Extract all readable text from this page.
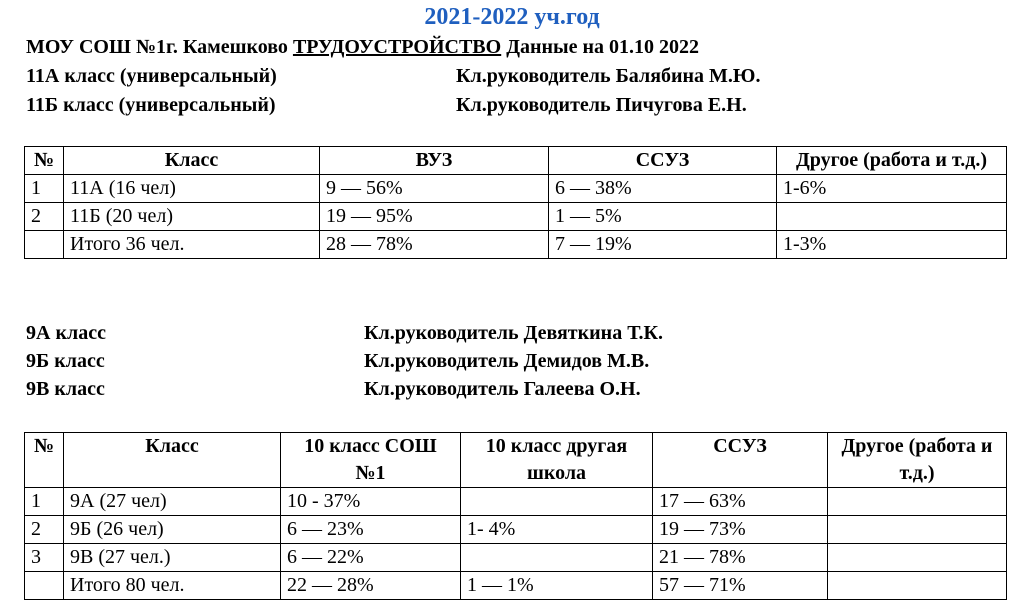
2021-2022 уч.год
МОУ СОШ №1г. Камешково ТРУДОУСТРОЙСТВО Данные на 01.10 2022
11А класс (универсальный)	Кл.руководитель Балябина М.Ю.
11Б класс (универсальный)	Кл.руководитель Пичугова Е.Н.
№	Класс	ВУЗ	ССУЗ	Другое (работа и т.д.)
1	11А (16 чел)	9 — 56%	6 — 38%	1-6%
2	11Б (20 чел)	19 — 95%	1 — 5%	
	Итого 36 чел.	28 — 78%	7 — 19%	1-3%
9А класс	Кл.руководитель Девяткина Т.К.
9Б класс	Кл.руководитель Демидов М.В.
9В класс	Кл.руководитель Галеева О.Н.
№	Класс	10 класс СОШ №1	10 класс другая школа	ССУЗ	Другое (работа и т.д.)
1	9А (27 чел)	10 - 37%		17 — 63%	
2	9Б (26 чел)	6 — 23%	1- 4%	19 — 73%	
3	9В (27 чел.)	6 — 22%		21 — 78%	
	Итого 80 чел.	22 — 28%	1 — 1%	57 — 71%	
